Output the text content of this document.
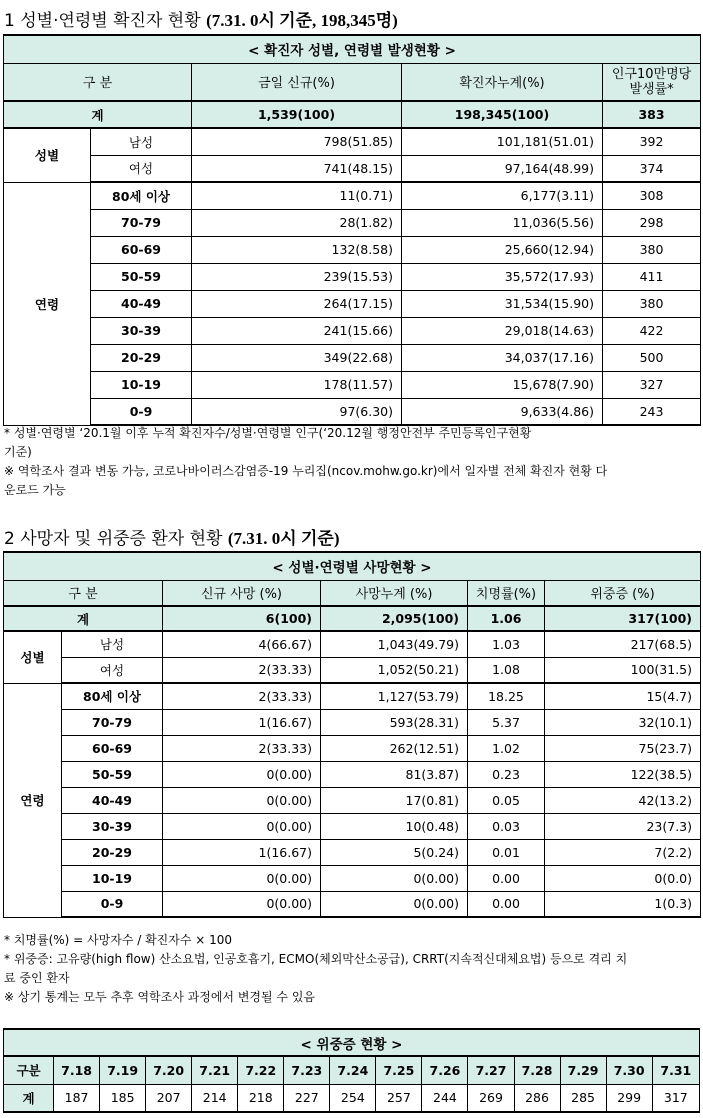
1 성별·연령별 확진자 현황 (7.31. 0시 기준, 198,345명)
< 확진자 성별, 연령별 발생현황 >				
구 분		금일 신규(%)	확진자누계(%)	인구10만명당
발생률*
계		1,539(100)	198,345(100)	383
성별	남성	798(51.85)	101,181(51.01)	392
	여성	741(48.15)	97,164(48.99)	374
연령	80세 이상	11(0.71)	6,177(3.11)	308
	70-79	28(1.82)	11,036(5.56)	298
	60-69	132(8.58)	25,660(12.94)	380
	50-59	239(15.53)	35,572(17.93)	411
	40-49	264(17.15)	31,534(15.90)	380
	30-39	241(15.66)	29,018(14.63)	422
	20-29	349(22.68)	34,037(17.16)	500
	10-19	178(11.57)	15,678(7.90)	327
	0-9	97(6.30)	9,633(4.86)	243
* 성별·연령별 ‘20.1월 이후 누적 확진자수/성별·연령별 인구(‘20.12월 행정안전부 주민등록인구현황
기준)
※ 역학조사 결과 변동 가능, 코로나바이러스감염증-19 누리집(ncov.mohw.go.kr)에서 일자별 전체 확진자 현황 다
운로드 가능
2 사망자 및 위중증 환자 현황 (7.31. 0시 기준)
< 성별·연령별 사망현황 >					
구 분		신규 사망 (%)	사망누계 (%)	치명률(%)	위중증 (%)
계		6(100)	2,095(100)	1.06	317(100)
성별	남성	4(66.67)	1,043(49.79)	1.03	217(68.5)
	여성	2(33.33)	1,052(50.21)	1.08	100(31.5)
연령	80세 이상	2(33.33)	1,127(53.79)	18.25	15(4.7)
	70-79	1(16.67)	593(28.31)	5.37	32(10.1)
	60-69	2(33.33)	262(12.51)	1.02	75(23.7)
	50-59	0(0.00)	81(3.87)	0.23	122(38.5)
	40-49	0(0.00)	17(0.81)	0.05	42(13.2)
	30-39	0(0.00)	10(0.48)	0.03	23(7.3)
	20-29	1(16.67)	5(0.24)	0.01	7(2.2)
	10-19	0(0.00)	0(0.00)	0.00	0(0.0)
	0-9	0(0.00)	0(0.00)	0.00	1(0.3)
* 치명률(%) = 사망자수 / 확진자수 × 100
* 위중증: 고유량(high flow) 산소요법, 인공호흡기, ECMO(체외막산소공급), CRRT(지속적신대체요법) 등으로 격리 치
료 중인 환자
※ 상기 통계는 모두 추후 역학조사 과정에서 변경될 수 있음
< 위중증 현황 >														
구분	7.18	7.19	7.20	7.21	7.22	7.23	7.24	7.25	7.26	7.27	7.28	7.29	7.30	7.31
계	187	185	207	214	218	227	254	257	244	269	286	285	299	317
